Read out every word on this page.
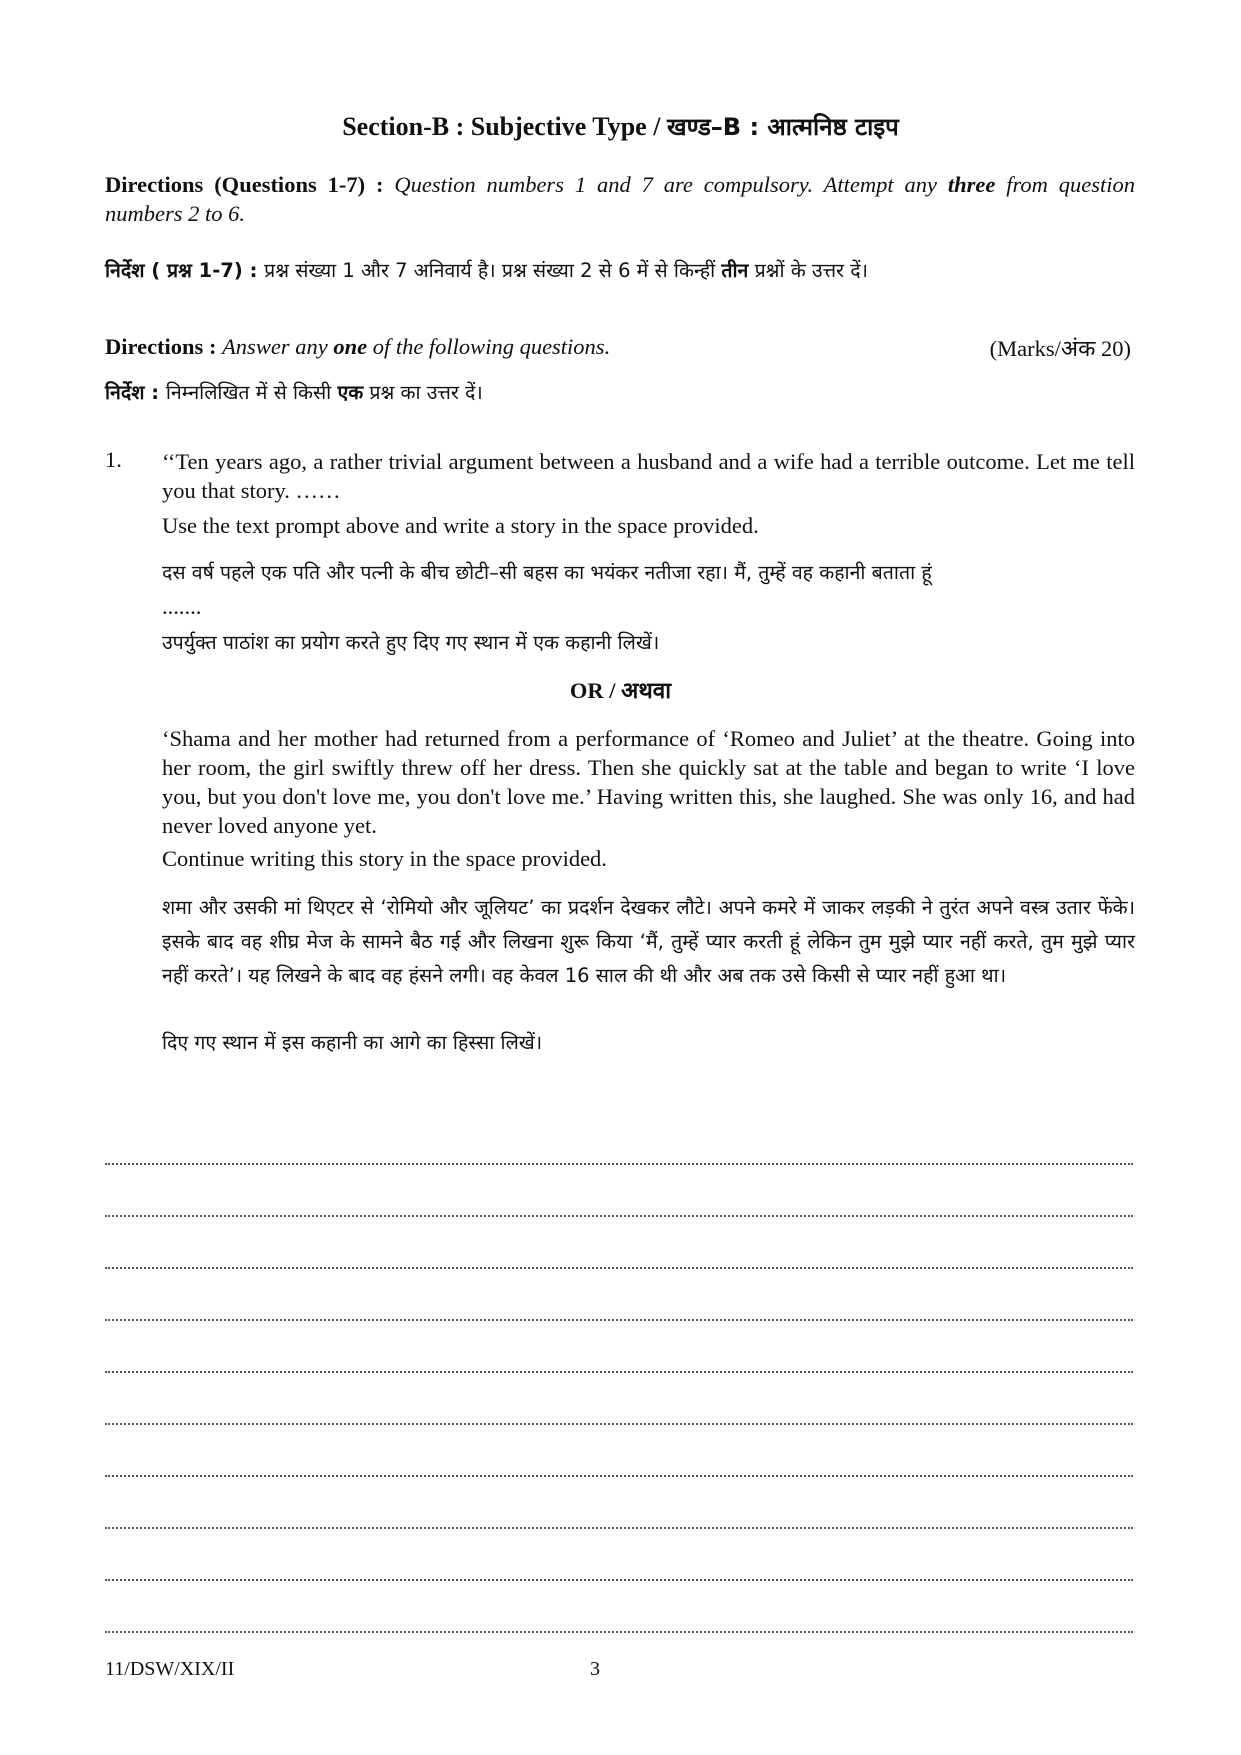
Section-B : Subjective Type / खण्ड–B : आत्मनिष्ठ टाइप
Directions (Questions 1-7) : Question numbers 1 and 7 are compulsory. Attempt any three from question numbers 2 to 6.
निर्देश ( प्रश्न 1-7) : प्रश्न संख्या 1 और 7 अनिवार्य है। प्रश्न संख्या 2 से 6 में से किन्हीं तीन प्रश्नों के उत्तर दें।
Directions : Answer any one of the following questions.	(Marks/अंक 20)
निर्देश : निम्नलिखित में से किसी एक प्रश्न का उत्तर दें।
1. ‘‘Ten years ago, a rather trivial argument between a husband and a wife had a terrible outcome. Let me tell you that story. ……
Use the text prompt above and write a story in the space provided.
दस वर्ष पहले एक पति और पत्नी के बीच छोटी–सी बहस का भयंकर नतीजा रहा। मैं, तुम्हें वह कहानी बताता हूं
.......
उपर्युक्त पाठांश का प्रयोग करते हुए दिए गए स्थान में एक कहानी लिखें।
OR / अथवा
‘Shama and her mother had returned from a performance of ‘Romeo and Juliet’ at the theatre. Going into her room, the girl swiftly threw off her dress. Then she quickly sat at the table and began to write ‘I love you, but you don't love me, you don't love me.’ Having written this, she laughed. She was only 16, and had never loved anyone yet.
Continue writing this story in the space provided.
शमा और उसकी मां थिएटर से ‘रोमियो और जूलियट’ का प्रदर्शन देखकर लौटे। अपने कमरे में जाकर लड़की ने तुरंत अपने वस्त्र उतार फेंके। इसके बाद वह शीघ्र मेज के सामने बैठ गई और लिखना शुरू किया ‘मैं, तुम्हें प्यार करती हूं लेकिन तुम मुझे प्यार नहीं करते, तुम मुझे प्यार नहीं करते’। यह लिखने के बाद वह हंसने लगी। वह केवल 16 साल की थी और अब तक उसे किसी से प्यार नहीं हुआ था।
दिए गए स्थान में इस कहानी का आगे का हिस्सा लिखें।
11/DSW/XIX/II	3
